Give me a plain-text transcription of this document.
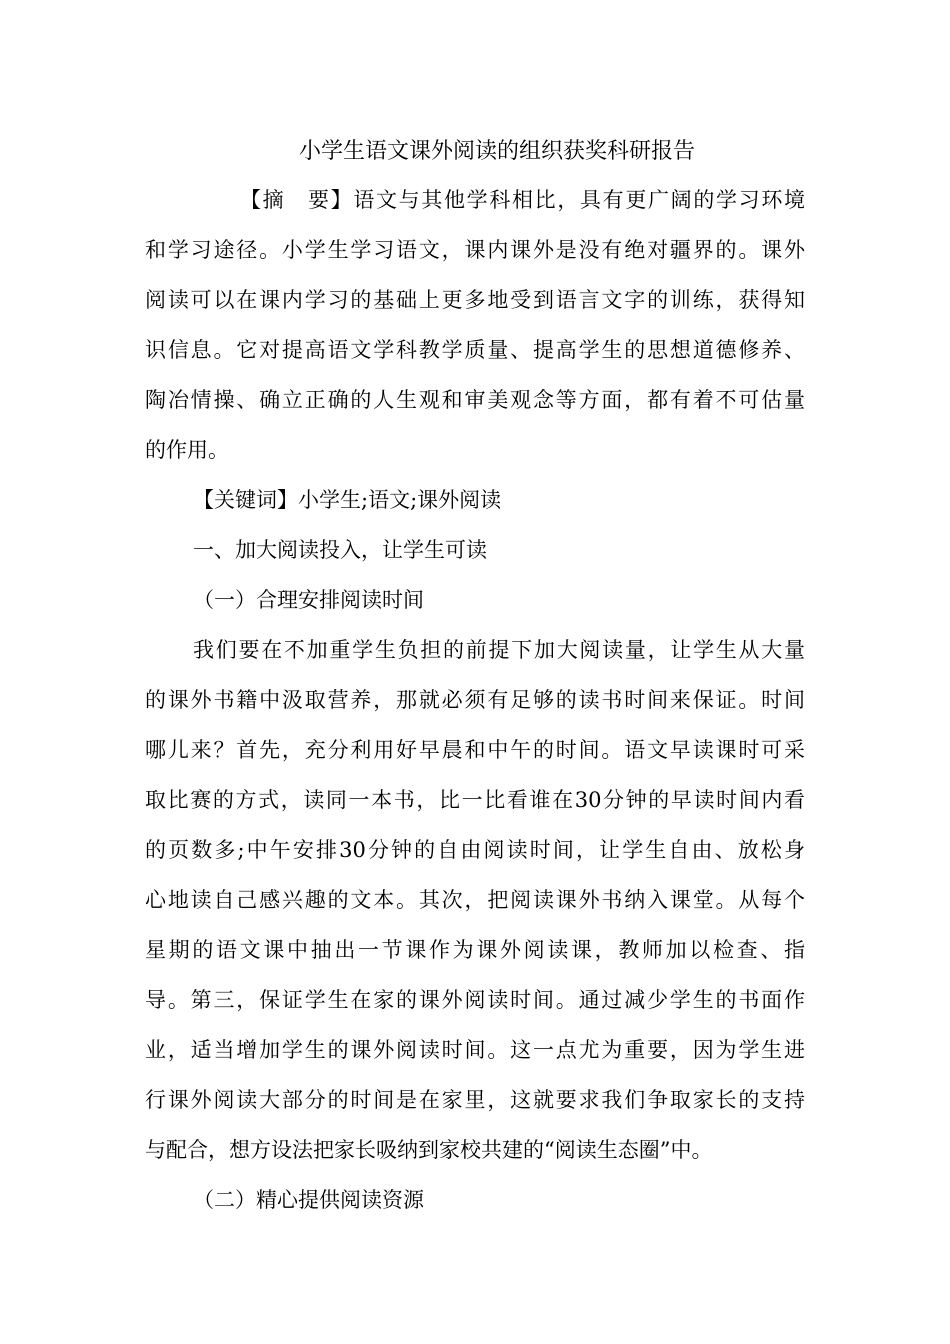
小学生语文课外阅读的组织获奖科研报告
【摘　要】语文与其他学科相比，具有更广阔的学习环境
和学习途径。小学生学习语文，课内课外是没有绝对疆界的。课外
阅读可以在课内学习的基础上更多地受到语言文字的训练，获得知
识信息。它对提高语文学科教学质量、提高学生的思想道德修养、
陶冶情操、确立正确的人生观和审美观念等方面，都有着不可估量
的作用。
【关键词】小学生;语文;课外阅读
一、加大阅读投入，让学生可读
（一）合理安排阅读时间
我们要在不加重学生负担的前提下加大阅读量，让学生从大量
的课外书籍中汲取营养，那就必须有足够的读书时间来保证。时间
哪儿来？首先，充分利用好早晨和中午的时间。语文早读课时可采
取比赛的方式，读同一本书，比一比看谁在30分钟的早读时间内看
的页数多;中午安排30分钟的自由阅读时间，让学生自由、放松身
心地读自己感兴趣的文本。其次，把阅读课外书纳入课堂。从每个
星期的语文课中抽出一节课作为课外阅读课，教师加以检查、指
导。第三，保证学生在家的课外阅读时间。通过减少学生的书面作
业，适当增加学生的课外阅读时间。这一点尤为重要，因为学生进
行课外阅读大部分的时间是在家里，这就要求我们争取家长的支持
与配合，想方设法把家长吸纳到家校共建的“阅读生态圈”中。
（二）精心提供阅读资源
